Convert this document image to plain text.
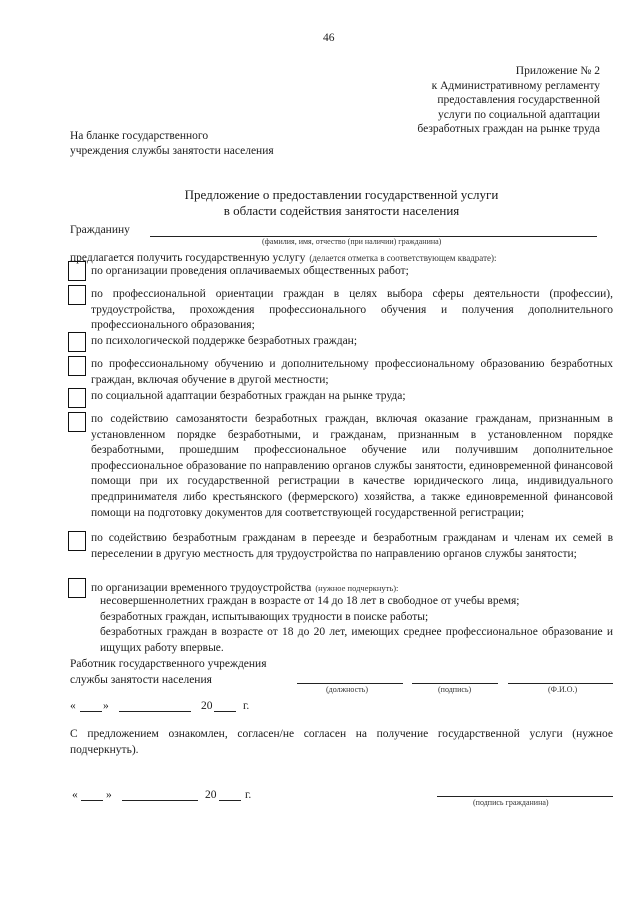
46
Приложение № 2
к Административному регламенту
предоставления государственной
услуги по социальной адаптации
безработных граждан на рынке труда
На бланке государственного
учреждения службы занятости населения
Предложение о предоставлении государственной услуги
в области содействия занятости населения
Гражданину
(фамилия, имя, отчество (при наличии) гражданина)
предлагается получить государственную услугу (делается отметка в соответствующем квадрате):
по организации проведения оплачиваемых общественных работ;
по профессиональной ориентации граждан в целях выбора сферы деятельности (профессии), трудоустройства, прохождения профессионального обучения и получения дополнительного профессионального образования;
по психологической поддержке безработных граждан;
по профессиональному обучению и дополнительному профессиональному образованию безработных граждан, включая обучение в другой местности;
по социальной адаптации безработных граждан на рынке труда;
по содействию самозанятости безработных граждан, включая оказание гражданам, признанным в установленном порядке безработными, и гражданам, признанным в установленном порядке безработными, прошедшим профессиональное обучение или получившим дополнительное профессиональное образование по направлению органов службы занятости, единовременной финансовой помощи при их государственной регистрации в качестве юридического лица, индивидуального предпринимателя либо крестьянского (фермерского) хозяйства, а также единовременной финансовой помощи на подготовку документов для соответствующей государственной регистрации;
по содействию безработным гражданам в переезде и безработным гражданам и членам их семей в переселении в другую местность для трудоустройства по направлению органов службы занятости;
по организации временного трудоустройства (нужное подчеркнуть):
несовершеннолетних граждан в возрасте от 14 до 18 лет в свободное от учебы время;
безработных граждан, испытывающих трудности в поиске работы;
безработных граждан в возрасте от 18 до 20 лет, имеющих среднее профессиональное образование и ищущих работу впервые.
Работник государственного учреждения
службы занятости населения
(должность)	(подпись)	(Ф.И.О.)
« »	20	г.
С предложением ознакомлен, согласен/не согласен на получение государственной услуги (нужное подчеркнуть).
« »	20 г.
(подпись гражданина)
